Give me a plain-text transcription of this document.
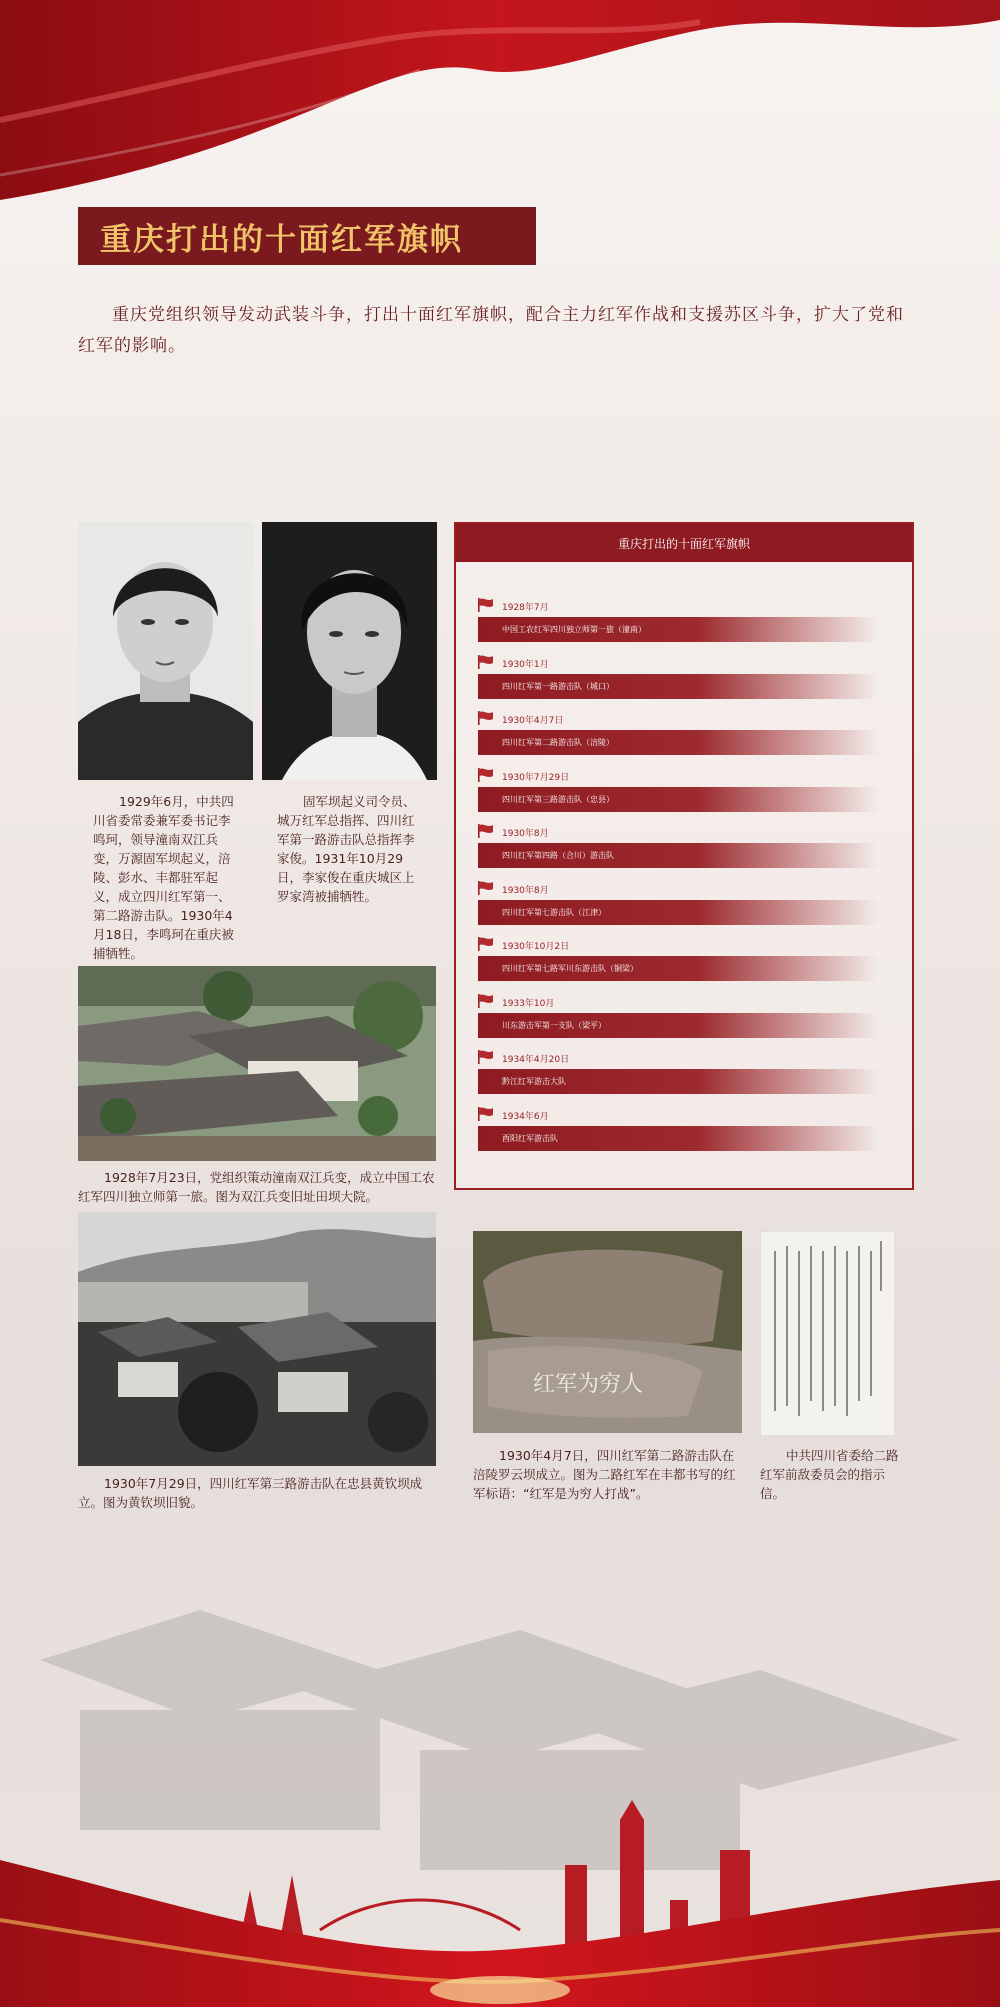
重庆打出的十面红军旗帜
重庆党组织领导发动武装斗争，打出十面红军旗帜，配合主力红军作战和支援苏区斗争，扩大了党和红军的影响。
1929年6月，中共四川省委常委兼军委书记李鸣珂，领导潼南双江兵变，万源固军坝起义，涪陵、彭水、丰都驻军起义，成立四川红军第一、第二路游击队。1930年4月18日，李鸣珂在重庆被捕牺牲。
固军坝起义司令员、城万红军总指挥、四川红军第一路游击队总指挥李家俊。1931年10月29日，李家俊在重庆城区上罗家湾被捕牺牲。
1928年7月23日，党组织策动潼南双江兵变，成立中国工农红军四川独立师第一旅。图为双江兵变旧址田坝大院。
1930年7月29日，四川红军第三路游击队在忠县黄钦坝成立。图为黄钦坝旧貌。
红军为穷人
1930年4月7日，四川红军第二路游击队在涪陵罗云坝成立。图为二路红军在丰都书写的红军标语：“红军是为穷人打战”。
中共四川省委给二路红军前敌委员会的指示信。
重庆打出的十面红军旗帜
1928年7月
中国工农红军四川独立师第一旅（潼南）
1930年1月
四川红军第一路游击队（城口）
1930年4月7日
四川红军第二路游击队（涪陵）
1930年7月29日
四川红军第三路游击队（忠县）
1930年8月
四川红军第四路（合川）游击队
1930年8月
四川红军第七游击队（江津）
1930年10月2日
四川红军第七路军川东游击队（铜梁）
1933年10月
川东游击军第一支队（梁平）
1934年4月20日
黔江红军游击大队
1934年6月
酉阳红军游击队
